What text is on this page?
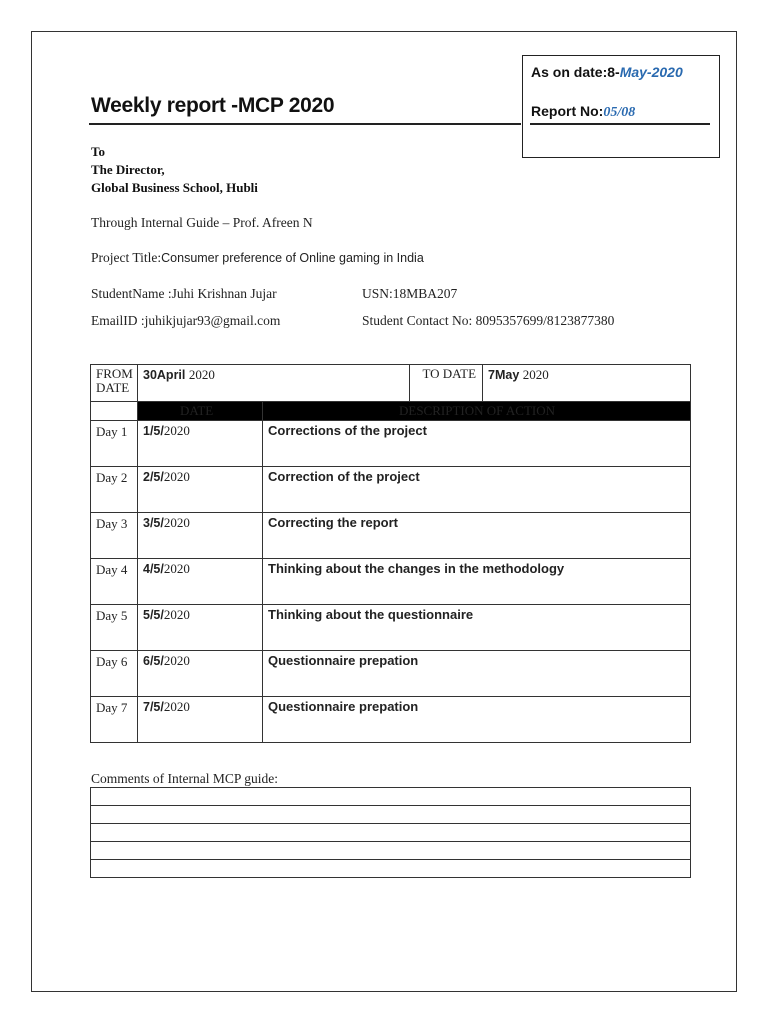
Weekly report -MCP 2020
As on date:8-May-2020
Report No:05/08
To
The Director,
Global Business School, Hubli
Through Internal Guide – Prof. Afreen N
Project Title:Consumer preference of Online gaming in India
StudentName :Juhi Krishnan Jujar	USN:18MBA207
EmailID :juhikjujar93@gmail.com	Student Contact No: 8095357699/8123877380
FROM DATE	30April 2020		TO DATE	7May 2020
	DATE	DESCRIPTION OF ACTION		
Day 1	1/5/2020	Corrections of the project		
Day 2	2/5/2020	Correction of the project		
Day 3	3/5/2020	Correcting the report		
Day 4	4/5/2020	Thinking about the changes in the methodology		
Day 5	5/5/2020	Thinking about the questionnaire		
Day 6	6/5/2020	Questionnaire prepation		
Day 7	7/5/2020	Questionnaire prepation		
Comments of Internal MCP guide:
